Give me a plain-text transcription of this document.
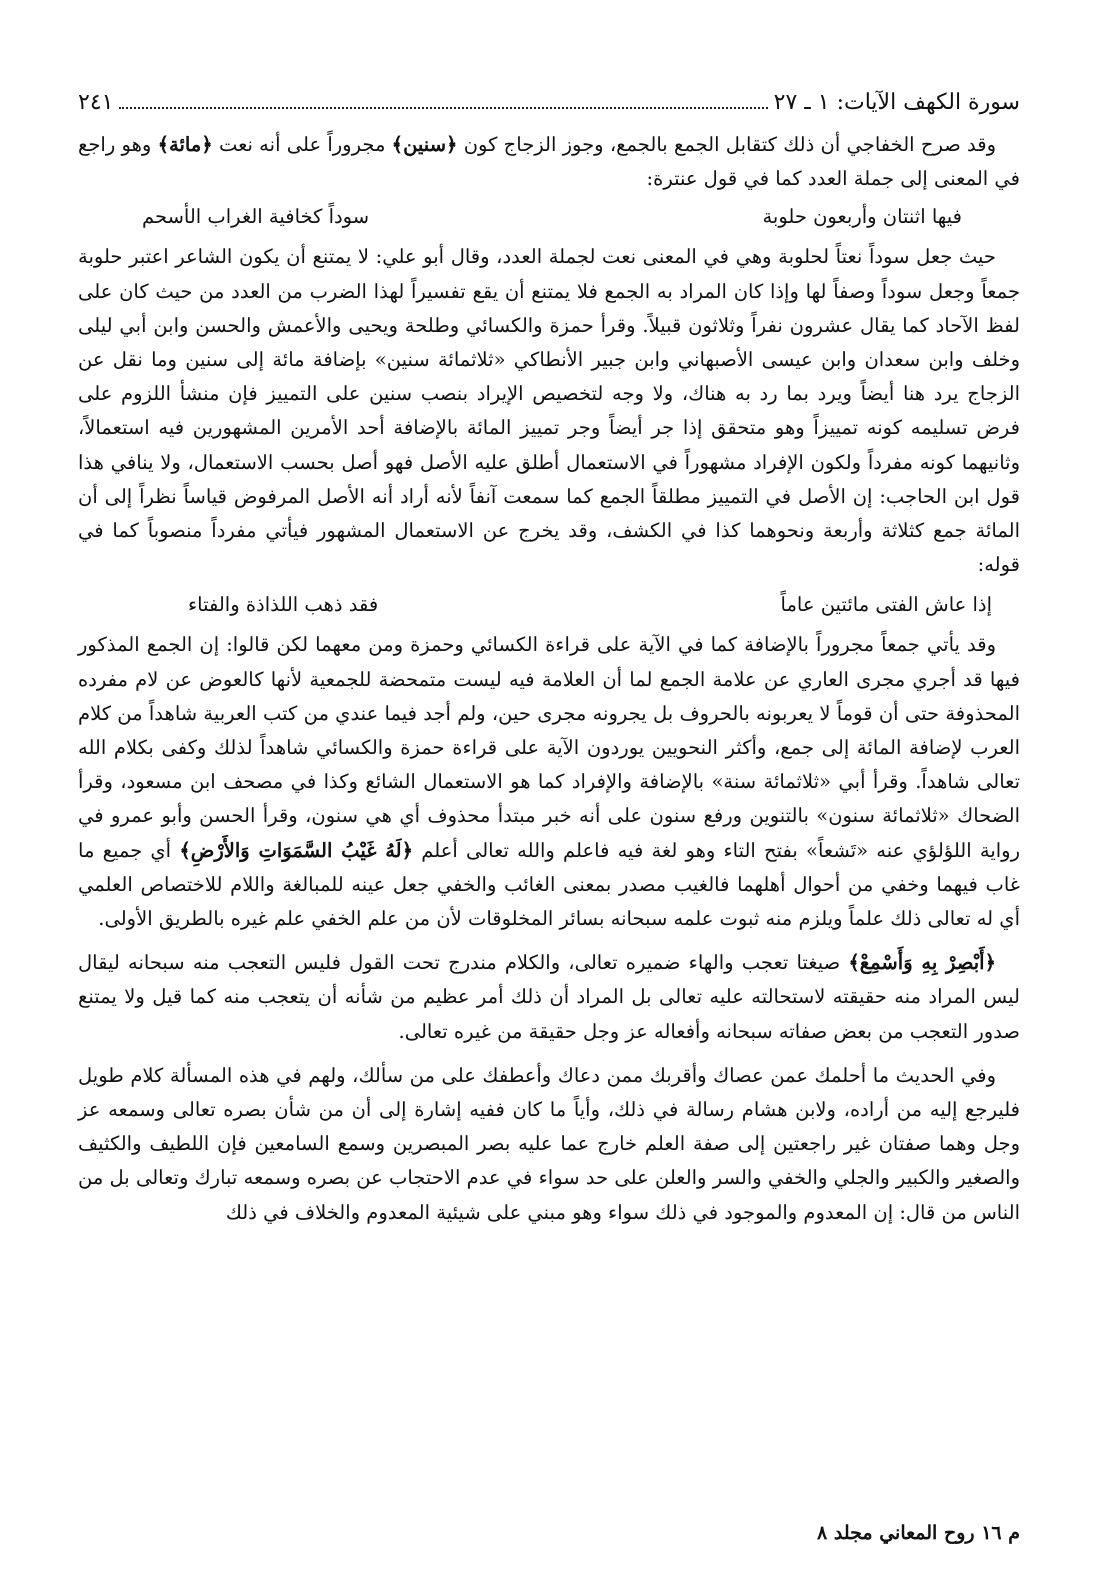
سورة الكهف الآيات: ١ ـ ٢٧
٢٤١

وقد صرح الخفاجي أن ذلك كتقابل الجمع بالجمع، وجوز الزجاج كون ﴿سنين﴾ مجروراً على أنه نعت ﴿مائة﴾ وهو راجع في المعنى إلى جملة العدد كما في قول عنترة:

فيها اثنتان وأربعون حلوبة
سوداً كخافية الغراب الأسحم

حيث جعل سوداً نعتاً لحلوبة وهي في المعنى نعت لجملة العدد، وقال أبو علي: لا يمتنع أن يكون الشاعر اعتبر حلوبة جمعاً وجعل سوداً وصفاً لها وإذا كان المراد به الجمع فلا يمتنع أن يقع تفسيراً لهذا الضرب من العدد من حيث كان على لفظ الآحاد كما يقال عشرون نفراً وثلاثون قبيلاً. وقرأ حمزة والكسائي وطلحة ويحيى والأعمش والحسن وابن أبي ليلى وخلف وابن سعدان وابن عيسى الأصبهاني وابن جبير الأنطاكي «ثلاثمائة سنين» بإضافة مائة إلى سنين وما نقل عن الزجاج يرد هنا أيضاً ويرد بما رد به هناك، ولا وجه لتخصيص الإيراد بنصب سنين على التمييز فإن منشأ اللزوم على فرض تسليمه كونه تمييزاً وهو متحقق إذا جر أيضاً وجر تمييز المائة بالإضافة أحد الأمرين المشهورين فيه استعمالاً، وثانيهما كونه مفرداً ولكون الإفراد مشهوراً في الاستعمال أطلق عليه الأصل فهو أصل بحسب الاستعمال، ولا ينافي هذا قول ابن الحاجب: إن الأصل في التمييز مطلقاً الجمع كما سمعت آنفاً لأنه أراد أنه الأصل المرفوض قياساً نظراً إلى أن المائة جمع كثلاثة وأربعة ونحوهما كذا في الكشف، وقد يخرج عن الاستعمال المشهور فيأتي مفرداً منصوباً كما في قوله:

إذا عاش الفتى مائتين عاماً
فقد ذهب اللذاذة والفتاء

وقد يأتي جمعاً مجروراً بالإضافة كما في الآية على قراءة الكسائي وحمزة ومن معهما لكن قالوا: إن الجمع المذكور فيها قد أجري مجرى العاري عن علامة الجمع لما أن العلامة فيه ليست متمحضة للجمعية لأنها كالعوض عن لام مفرده المحذوفة حتى أن قوماً لا يعربونه بالحروف بل يجرونه مجرى حين، ولم أجد فيما عندي من كتب العربية شاهداً من كلام العرب لإضافة المائة إلى جمع، وأكثر النحويين يوردون الآية على قراءة حمزة والكسائي شاهداً لذلك وكفى بكلام الله تعالى شاهداً. وقرأ أبي «ثلاثمائة سنة» بالإضافة والإفراد كما هو الاستعمال الشائع وكذا في مصحف ابن مسعود، وقرأ الضحاك «ثلاثمائة سنون» بالتنوين ورفع سنون على أنه خبر مبتدأ محذوف أي هي سنون، وقرأ الحسن وأبو عمرو في رواية اللؤلؤي عنه «تَشعاً» بفتح التاء وهو لغة فيه فاعلم والله تعالى أعلم ﴿لَهُ غَيْبُ السَّمَوَاتِ وَالأَرْضِ﴾ أي جميع ما غاب فيهما وخفي من أحوال أهلهما فالغيب مصدر بمعنى الغائب والخفي جعل عينه للمبالغة واللام للاختصاص العلمي أي له تعالى ذلك علماً ويلزم منه ثبوت علمه سبحانه بسائر المخلوقات لأن من علم الخفي علم غيره بالطريق الأولى.

﴿أَبْصِرْ بِهِ وَأَسْمِعْ﴾ صيغتا تعجب والهاء ضميره تعالى، والكلام مندرج تحت القول فليس التعجب منه سبحانه ليقال ليس المراد منه حقيقته لاستحالته عليه تعالى بل المراد أن ذلك أمر عظيم من شأنه أن يتعجب منه كما قيل ولا يمتنع صدور التعجب من بعض صفاته سبحانه وأفعاله عز وجل حقيقة من غيره تعالى.

وفي الحديث ما أحلمك عمن عصاك وأقربك ممن دعاك وأعطفك على من سألك، ولهم في هذه المسألة كلام طويل فليرجع إليه من أراده، ولابن هشام رسالة في ذلك، وأياً ما كان ففيه إشارة إلى أن من شأن بصره تعالى وسمعه عز وجل وهما صفتان غير راجعتين إلى صفة العلم خارج عما عليه بصر المبصرين وسمع السامعين فإن اللطيف والكثيف والصغير والكبير والجلي والخفي والسر والعلن على حد سواء في عدم الاحتجاب عن بصره وسمعه تبارك وتعالى بل من الناس من قال: إن المعدوم والموجود في ذلك سواء وهو مبني على شيئية المعدوم والخلاف في ذلك

م ١٦ روح المعاني مجلد ٨
